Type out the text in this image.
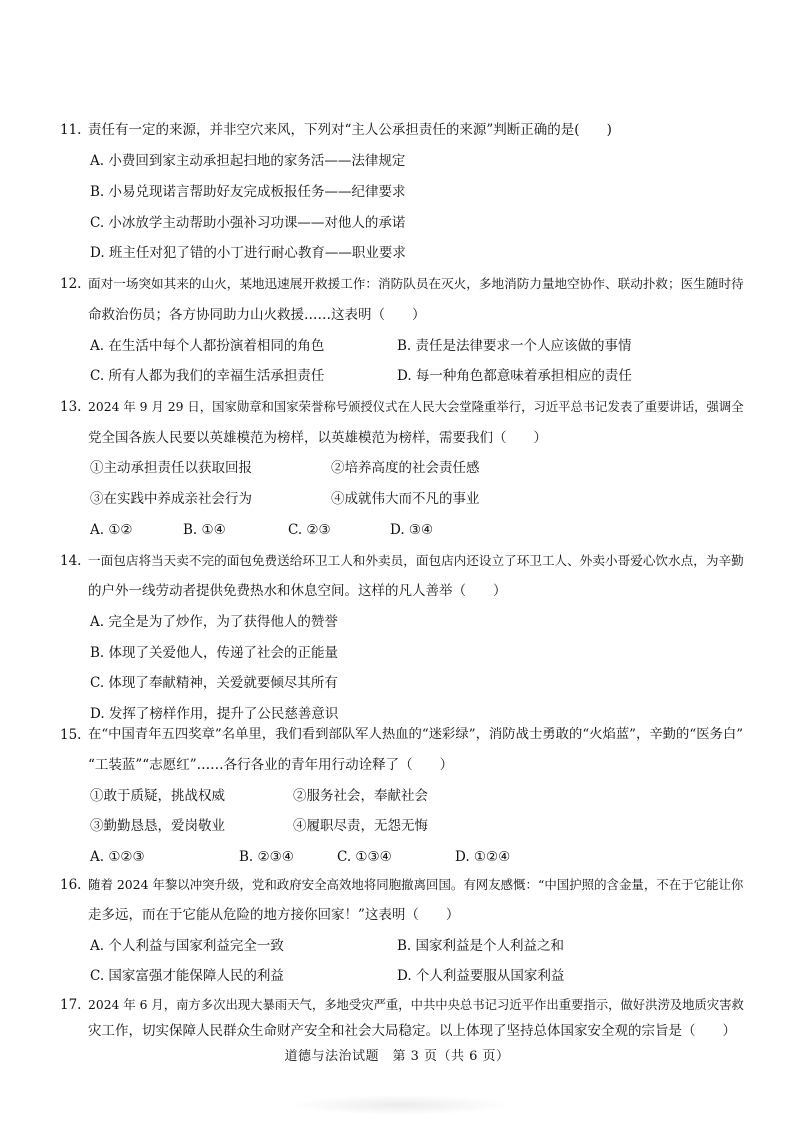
11. 责任有一定的来源，并非空穴来风，下列对“主人公承担责任的来源”判断正确的是(　　)
A. 小费回到家主动承担起扫地的家务活——法律规定
B. 小易兑现诺言帮助好友完成板报任务——纪律要求
C. 小冰放学主动帮助小强补习功课——对他人的承诺
D. 班主任对犯了错的小丁进行耐心教育——职业要求
12. 面对一场突如其来的山火，某地迅速展开救援工作：消防队员在灭火，多地消防力量地空协作、联动扑救；医生随时待
命救治伤员；各方协同助力山火救援……这表明（　　）
A. 在生活中每个人都扮演着相同的角色	B. 责任是法律要求一个人应该做的事情
C. 所有人都为我们的幸福生活承担责任	D. 每一种角色都意味着承担相应的责任
13. 2024 年 9 月 29 日，国家勋章和国家荣誉称号颁授仪式在人民大会堂隆重举行，习近平总书记发表了重要讲话，强调全
党全国各族人民要以英雄模范为榜样，以英雄模范为榜样，需要我们（　　）
①主动承担责任以获取回报	②培养高度的社会责任感
③在实践中养成亲社会行为	④成就伟大而不凡的事业
A. ①②	B. ①④	C. ②③	D. ③④
14. 一面包店将当天卖不完的面包免费送给环卫工人和外卖员，面包店内还设立了环卫工人、外卖小哥爱心饮水点，为辛勤
的户外一线劳动者提供免费热水和休息空间。这样的凡人善举（　　）
A. 完全是为了炒作，为了获得他人的赞誉
B. 体现了关爱他人，传递了社会的正能量
C. 体现了奉献精神，关爱就要倾尽其所有
D. 发挥了榜样作用，提升了公民慈善意识
15. 在“中国青年五四奖章”名单里，我们看到部队军人热血的“迷彩绿”，消防战士勇敢的“火焰蓝”，辛勤的“医务白”
“工装蓝”“志愿红”……各行各业的青年用行动诠释了（　　）
①敢于质疑，挑战权威	②服务社会，奉献社会
③勤勤恳恳，爱岗敬业	④履职尽责，无怨无悔
A. ①②③	B. ②③④	C. ①③④	D. ①②④
16. 随着 2024 年黎以冲突升级，党和政府安全高效地将同胞撤离回国。有网友感慨：“中国护照的含金量，不在于它能让你
走多远，而在于它能从危险的地方接你回家！”这表明（　　）
A. 个人利益与国家利益完全一致	B. 国家利益是个人利益之和
C. 国家富强才能保障人民的利益	D. 个人利益要服从国家利益
17. 2024 年 6 月，南方多次出现大暴雨天气，多地受灾严重，中共中央总书记习近平作出重要指示，做好洪涝及地质灾害救
灾工作，切实保障人民群众生命财产安全和社会大局稳定。以上体现了坚持总体国家安全观的宗旨是（　　）
道德与法治试题　第 3 页（共 6 页）
